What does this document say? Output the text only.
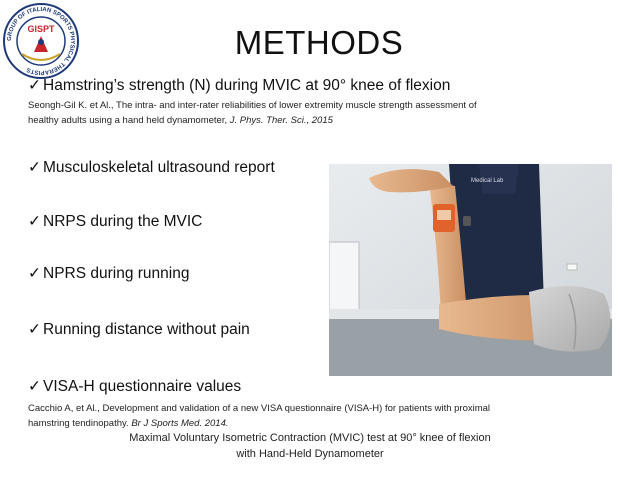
GROUP OF ITALIAN SPORTS PHYSICAL THERAPISTS
GISPT	METHODS
✓ Hamstring’s strength (N) during MVIC at 90° knee of flexion
Seongh-Gil K. et Al., The intra- and inter-rater reliabilities of lower extremity muscle strength assessment of
healthy adults using a hand held dynamometer, J. Phys. Ther. Sci., 2015
✓ Musculoskeletal ultrasound report
✓ NRPS during the MVIC
✓ NPRS during running
✓ Running distance without pain
✓ VISA-H questionnaire values
Cacchio A, et Al., Development and validation of a new VISA questionnaire (VISA-H) for patients with proximal
hamstring tendinopathy. Br J Sports Med. 2014.
Maximal Voluntary Isometric Contraction (MVIC) test at 90° knee of flexion
with Hand-Held Dynamometer
Medical Lab
